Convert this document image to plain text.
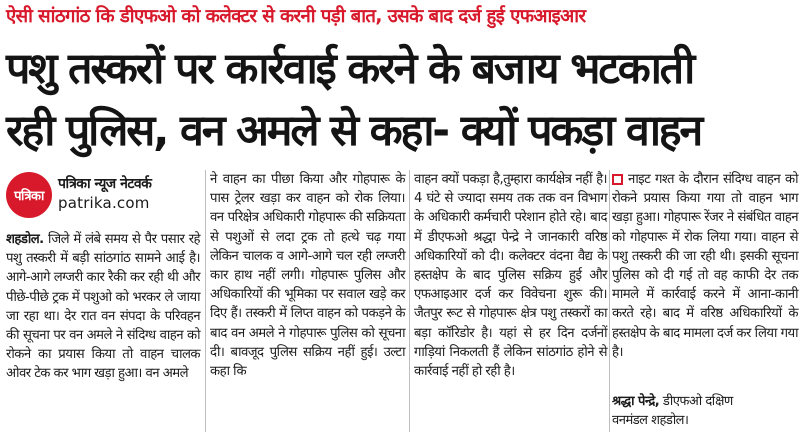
ऐसी सांठगांठ कि डीएफओ को कलेक्टर से करनी पड़ी बात, उसके बाद दर्ज हुई एफआइआर
पशु तस्करों पर कार्रवाई करने के बजाय भटकाती
रही पुलिस, वन अमले से कहा- क्यों पकड़ा वाहन
पत्रिका
पत्रिका न्यूज नेटवर्क
patrika.com

शहडोल. जिले में लंबे समय से पैर पसार रहे पशु तस्करी में बड़ी सांठगांठ सामने आई है। आगे-आगे लग्जरी कार रैकी कर रही थी और पीछे-पीछे ट्रक में पशुओ को भरकर ले जाया जा रहा था। देर रात वन संपदा के परिवहन की सूचना पर वन अमले ने संदिग्ध वाहन को रोकने का प्रयास किया तो वाहन चालक ओवर टेक कर भाग खड़ा हुआ। वन अमले

ने वाहन का पीछा किया और गोहपारू के पास ट्रेलर खड़ा कर वाहन को रोक लिया। वन परिक्षेत्र अधिकारी गोहपारू की सक्रियता से पशुओं से लदा ट्रक तो हत्थे चढ़ गया लेकिन चालक व आगे-आगे चल रही लग्जरी कार हाथ नहीं लगी। गोहपारू पुलिस और अधिकारियों की भूमिका पर सवाल खड़े कर दिए हैं। तस्करी में लिप्त वाहन को पकड़ने के बाद वन अमले ने गोहपारू पुलिस को सूचना दी। बावजूद पुलिस सक्रिय नहीं हुई। उल्टा कहा कि

वाहन क्यों पकड़ा है,तुम्हारा कार्यक्षेत्र नहीं है। 4 घंटे से ज्यादा समय तक तक वन विभाग के अधिकारी कर्मचारी परेशान होते रहे। बाद में डीएफओ श्रद्धा पेन्द्रे ने जानकारी वरिष्ठ अधिकारियों को दी। कलेक्टर वंदना वैद्य के हस्तक्षेप के बाद पुलिस सक्रिय हुई और एफआइआर दर्ज कर विवेचना शुरू की। जैतपुर रूट से गोहपारू क्षेत्र पशु तस्करों का बड़ा कॉरिडोर है। यहां से हर दिन दर्जनों गाड़ियां निकलती हैं लेकिन सांठगांठ होने से कार्रवाई नहीं हो रही है।

नाइट गश्त के दौरान संदिग्ध वाहन को रोकने प्रयास किया गया तो वाहन भाग खड़ा हुआ। गोहपारू रेंजर ने संबंधित वाहन को गोहपारू में रोक लिया गया। वाहन से पशु तस्करी की जा रही थी। इसकी सूचना पुलिस को दी गई तो वह काफी देर तक मामले में कार्रवाई करने में आना-कानी करते रहे। बाद में वरिष्ठ अधिकारियों के हस्तक्षेप के बाद मामला दर्ज कर लिया गया है।

श्रद्धा पेन्द्रे, डीएफओ दक्षिण
वनमंडल शहडोल।
